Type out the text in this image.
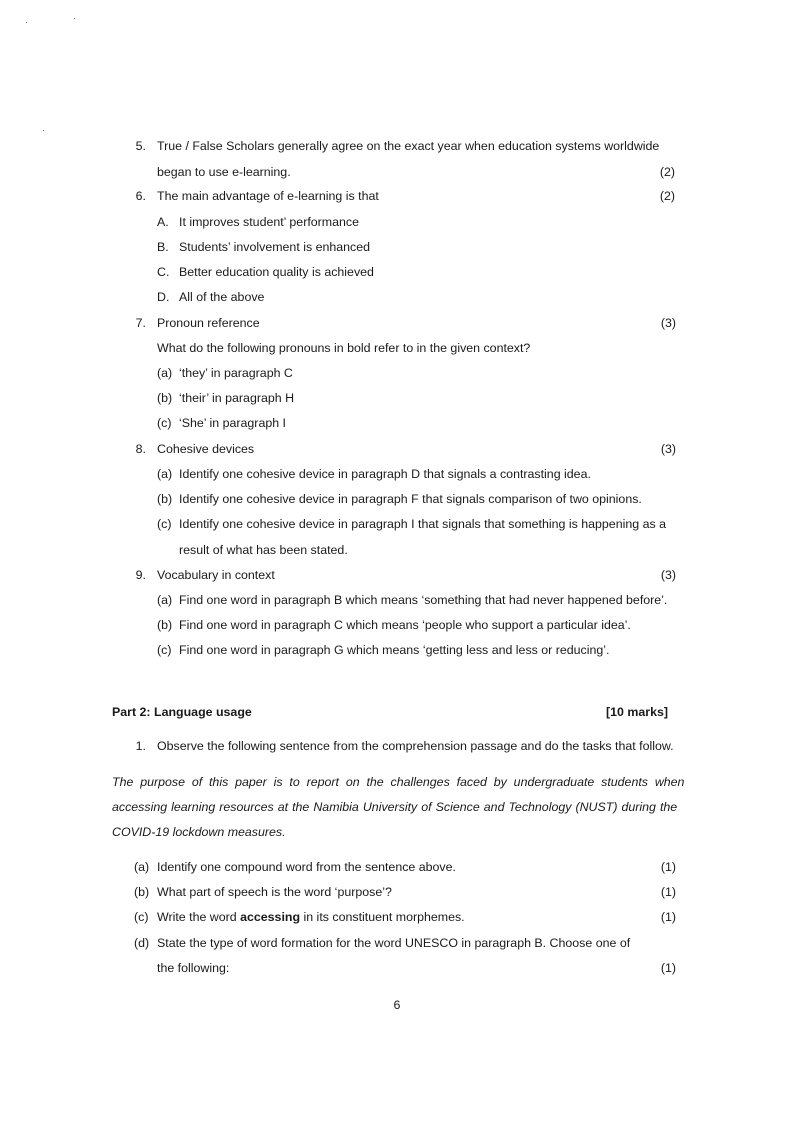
5. True / False Scholars generally agree on the exact year when education systems worldwide
began to use e-learning.	(2)
6. The main advantage of e-learning is that	(2)
A. It improves student’ performance
B. Students’ involvement is enhanced
C. Better education quality is achieved
D. All of the above
7. Pronoun reference	(3)
What do the following pronouns in bold refer to in the given context?
(a) ‘they’ in paragraph C
(b) ‘their’ in paragraph H
(c) ‘She’ in paragraph I
8. Cohesive devices	(3)
(a) Identify one cohesive device in paragraph D that signals a contrasting idea.
(b) Identify one cohesive device in paragraph F that signals comparison of two opinions.
(c) Identify one cohesive device in paragraph I that signals that something is happening as a
result of what has been stated.
9. Vocabulary in context	(3)
(a) Find one word in paragraph B which means ‘something that had never happened before’.
(b) Find one word in paragraph C which means ‘people who support a particular idea’.
(c) Find one word in paragraph G which means ‘getting less and less or reducing’.
Part 2: Language usage	[10 marks]
1. Observe the following sentence from the comprehension passage and do the tasks that follow.
The purpose of this paper is to report on the challenges faced by undergraduate students when
accessing learning resources at the Namibia University of Science and Technology (NUST) during the
COVID-19 lockdown measures.
(a) Identify one compound word from the sentence above.	(1)
(b) What part of speech is the word ‘purpose’?	(1)
(c) Write the word accessing in its constituent morphemes.	(1)
(d) State the type of word formation for the word UNESCO in paragraph B. Choose one of
the following:	(1)
6
